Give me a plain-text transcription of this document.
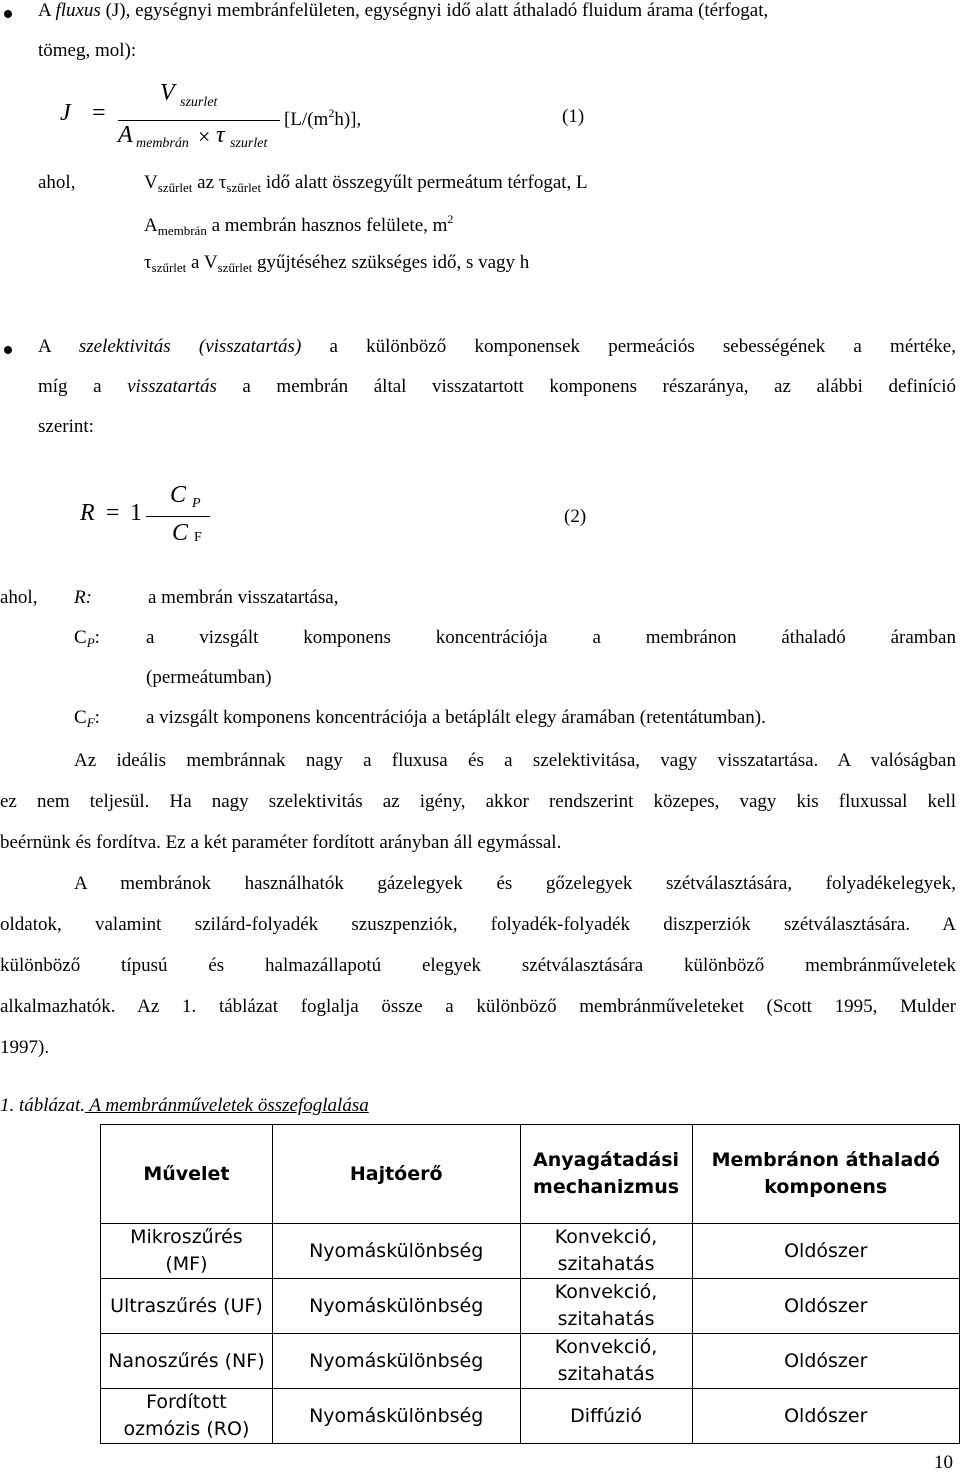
A fluxus (J), egységnyi membránfelületen, egységnyi idő alatt áthaladó fluidum árama (térfogat,
tömeg, mol):
J =
V szurlet
A membrán × τ szurlet
$[L/(m^2h)]$,	(1)
ahol,	$V_{szűrlet}$ az $\tau_{szűrlet}$ idő alatt összegyűlt permeátum térfogat, L
$A_{membrán}$ a membrán hasznos felülete, $m^2$
$\tau_{szűrlet}$ a $V_{szűrlet}$ gyűjtéséhez szükséges idő, s vagy h
A szelektivitás (visszatartás) a különböző komponensek permeációs sebességének a mértéke,
míg a visszatartás a membrán által visszatartott komponens részaránya, az alábbi definíció
szerint:
R = 1
C P
C F
(2)
ahol, R:	a membrán visszatartása,
$C_P$: a vizsgált komponens koncentrációja a membránon áthaladó áramban
(permeátumban)
$C_F$: a vizsgált komponens koncentrációja a betáplált elegy áramában (retentátumban).
Az ideális membránnak nagy a fluxusa és a szelektivitása, vagy visszatartása. A valóságban
ez nem teljesül. Ha nagy szelektivitás az igény, akkor rendszerint közepes, vagy kis fluxussal kell
beérnünk és fordítva. Ez a két paraméter fordított arányban áll egymással.
A membránok használhatók gázelegyek és gőzelegyek szétválasztására, folyadékelegyek,
oldatok, valamint szilárd-folyadék szuszpenziók, folyadék-folyadék diszperziók szétválasztására. A
különböző típusú és halmazállapotú elegyek szétválasztására különböző membránműveletek
alkalmazhatók. Az 1. táblázat foglalja össze a különböző membránműveleteket (Scott 1995, Mulder
1997).
1. táblázat. A membránműveletek összefoglalása
Művelet	Hajtóerő	Anyagátadási mechanizmus	Membránon áthaladó komponens
Mikroszűrés (MF)	Nyomáskülönbség	Konvekció, szitahatás	Oldószer
Ultraszűrés (UF)	Nyomáskülönbség	Konvekció, szitahatás	Oldószer
Nanoszűrés (NF)	Nyomáskülönbség	Konvekció, szitahatás	Oldószer
Fordított ozmózis (RO)	Nyomáskülönbség	Diffúzió	Oldószer
10
